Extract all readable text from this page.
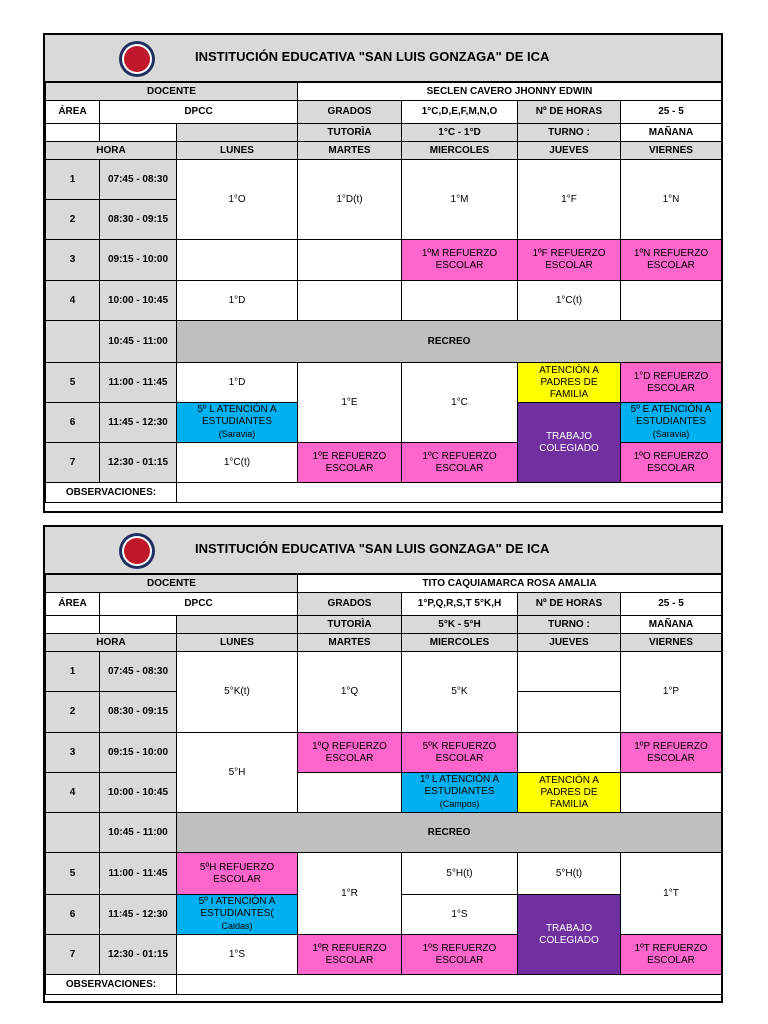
INSTITUCIÓN EDUCATIVA "SAN LUIS GONZAGA" DE ICA
DOCENTE			SECLEN CAVERO JHONNY EDWIN			
ÁREA	DPCC		GRADOS	1°C,D,E,F,M,N,O	Nº DE HORAS	25 - 5
			TUTORÌA	1°C - 1°D	TURNO :	MAÑANA
HORA		LUNES	MARTES	MIERCOLES	JUEVES	VIERNES
1	07:45 - 08:30	1°O	1°D(t)	1°M	1°F	1°N
2	08:30 - 09:15					
3	09:15 - 10:00			1ºM REFUERZO ESCOLAR	1ºF REFUERZO ESCOLAR	1ºN REFUERZO ESCOLAR
4	10:00 - 10:45	1°D			1°C(t)	
	10:45 - 11:00	RECREO				
5	11:00 - 11:45	1°D	1°E	1°C	ATENCIÓN A PADRES DE FAMILIA	1°D REFUERZO ESCOLAR
6	11:45 - 12:30	5º L ATENCIÓN A ESTUDIANTES
(Saravia)			TRABAJO COLEGIADO	5º E ATENCIÓN A ESTUDIANTES
(Saravia)
7	12:30 - 01:15	1°C(t)	1ºE REFUERZO ESCOLAR	1ºC REFUERZO ESCOLAR		1ºO REFUERZO ESCOLAR
OBSERVACIONES:						
INSTITUCIÓN EDUCATIVA "SAN LUIS GONZAGA" DE ICA
DOCENTE			TITO CAQUIAMARCA ROSA AMALIA			
ÁREA	DPCC		GRADOS	1°P,Q,R,S,T 5°K,H	Nº DE HORAS	25 - 5
			TUTORÌA	5°K - 5°H	TURNO :	MAÑANA
HORA		LUNES	MARTES	MIERCOLES	JUEVES	VIERNES
1	07:45 - 08:30	5°K(t)	1°Q	5°K		1°P
2	08:30 - 09:15					
3	09:15 - 10:00	5°H	1ºQ REFUERZO ESCOLAR	5ºK REFUERZO ESCOLAR		1ºP REFUERZO ESCOLAR
4	10:00 - 10:45			1º L ATENCIÓN A ESTUDIANTES
(Campos)	ATENCIÓN A PADRES DE FAMILIA	
	10:45 - 11:00	RECREO				
5	11:00 - 11:45	5ºH REFUERZO ESCOLAR	1°R	5°H(t)	5°H(t)	1°T
6	11:45 - 12:30	5º I ATENCIÓN A ESTUDIANTES(
Caldas)		1°S	TRABAJO COLEGIADO	
7	12:30 - 01:15	1°S	1ºR REFUERZO ESCOLAR	1ºS REFUERZO ESCOLAR		1ºT REFUERZO ESCOLAR
OBSERVACIONES:						
